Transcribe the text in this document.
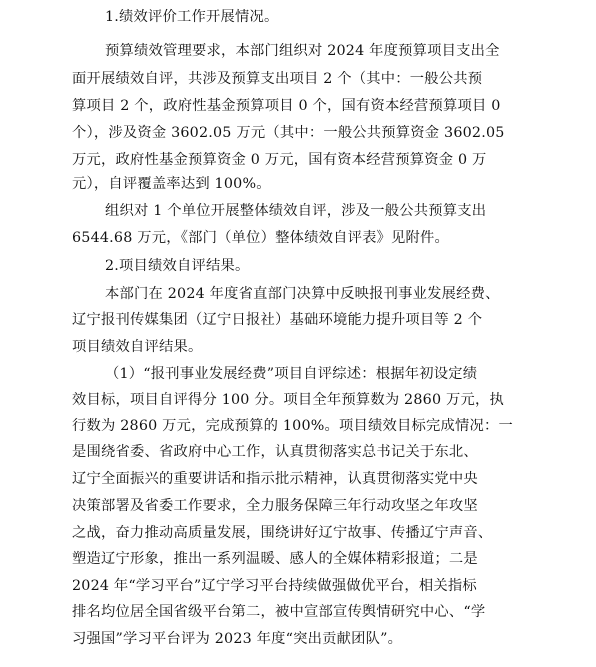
1.绩效评价工作开展情况。
预算绩效管理要求，本部门组织对 2024 年度预算项目支出全
面开展绩效自评，共涉及预算支出项目 2 个（其中：一般公共预
算项目 2 个，政府性基金预算项目 0 个，国有资本经营预算项目 0
个），涉及资金 3602.05 万元（其中：一般公共预算资金 3602.05
万元，政府性基金预算资金 0 万元，国有资本经营预算资金 0 万
元），自评覆盖率达到 100%。
组织对 1 个单位开展整体绩效自评，涉及一般公共预算支出
6544.68 万元，《部门（单位）整体绩效自评表》见附件。
2.项目绩效自评结果。
本部门在 2024 年度省直部门决算中反映报刊事业发展经费、
辽宁报刊传媒集团（辽宁日报社）基础环境能力提升项目等 2 个
项目绩效自评结果。
（1）“报刊事业发展经费”项目自评综述：根据年初设定绩
效目标，项目自评得分 100 分。项目全年预算数为 2860 万元，执
行数为 2860 万元，完成预算的 100%。项目绩效目标完成情况：一
是围绕省委、省政府中心工作，认真贯彻落实总书记关于东北、
辽宁全面振兴的重要讲话和指示批示精神，认真贯彻落实党中央
决策部署及省委工作要求，全力服务保障三年行动攻坚之年攻坚
之战，奋力推动高质量发展，围绕讲好辽宁故事、传播辽宁声音、
塑造辽宁形象，推出一系列温暖、感人的全媒体精彩报道；二是
2024 年“学习平台”辽宁学习平台持续做强做优平台，相关指标
排名均位居全国省级平台第二，被中宣部宣传舆情研究中心、“学
习强国”学习平台评为 2023 年度“突出贡献团队”。
